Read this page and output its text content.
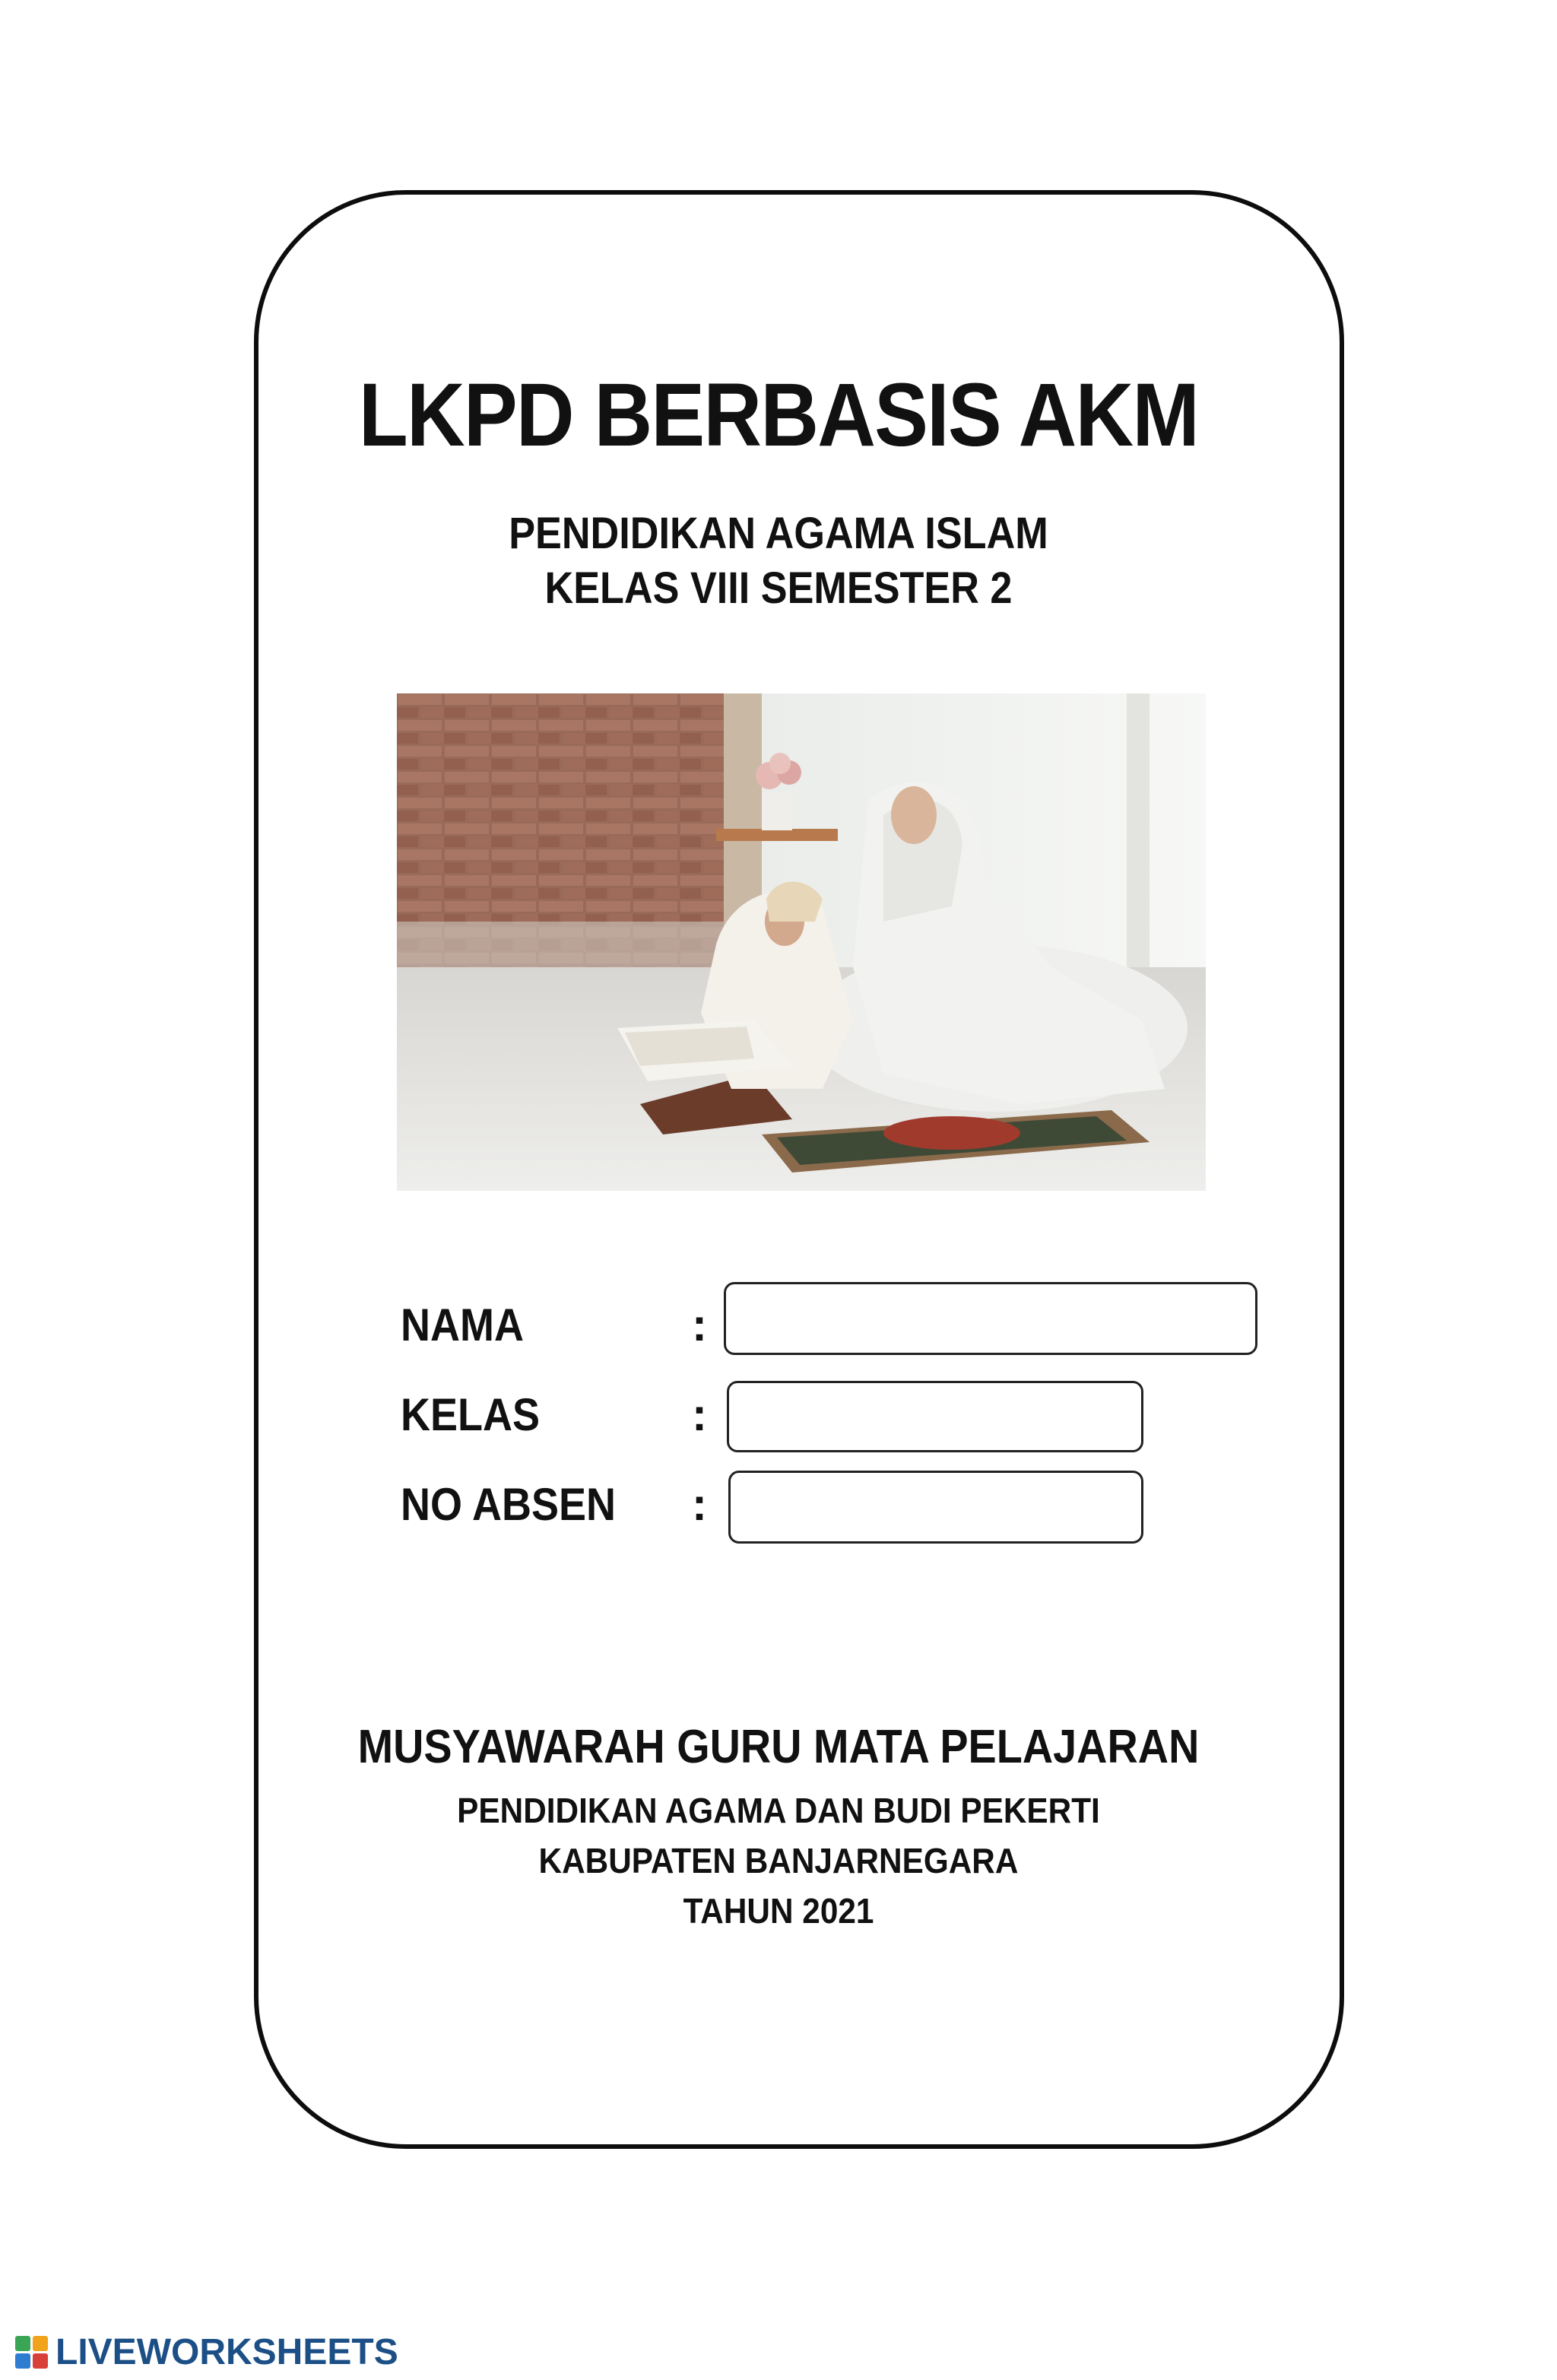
LKPD BERBASIS AKM
PENDIDIKAN AGAMA ISLAM
KELAS VIII SEMESTER 2
NAMA	:
KELAS	:
NO ABSEN :
MUSYAWARAH GURU MATA PELAJARAN
PENDIDIKAN AGAMA DAN BUDI PEKERTI
KABUPATEN BANJARNEGARA
TAHUN 2021
LIVEWORKSHEETS
